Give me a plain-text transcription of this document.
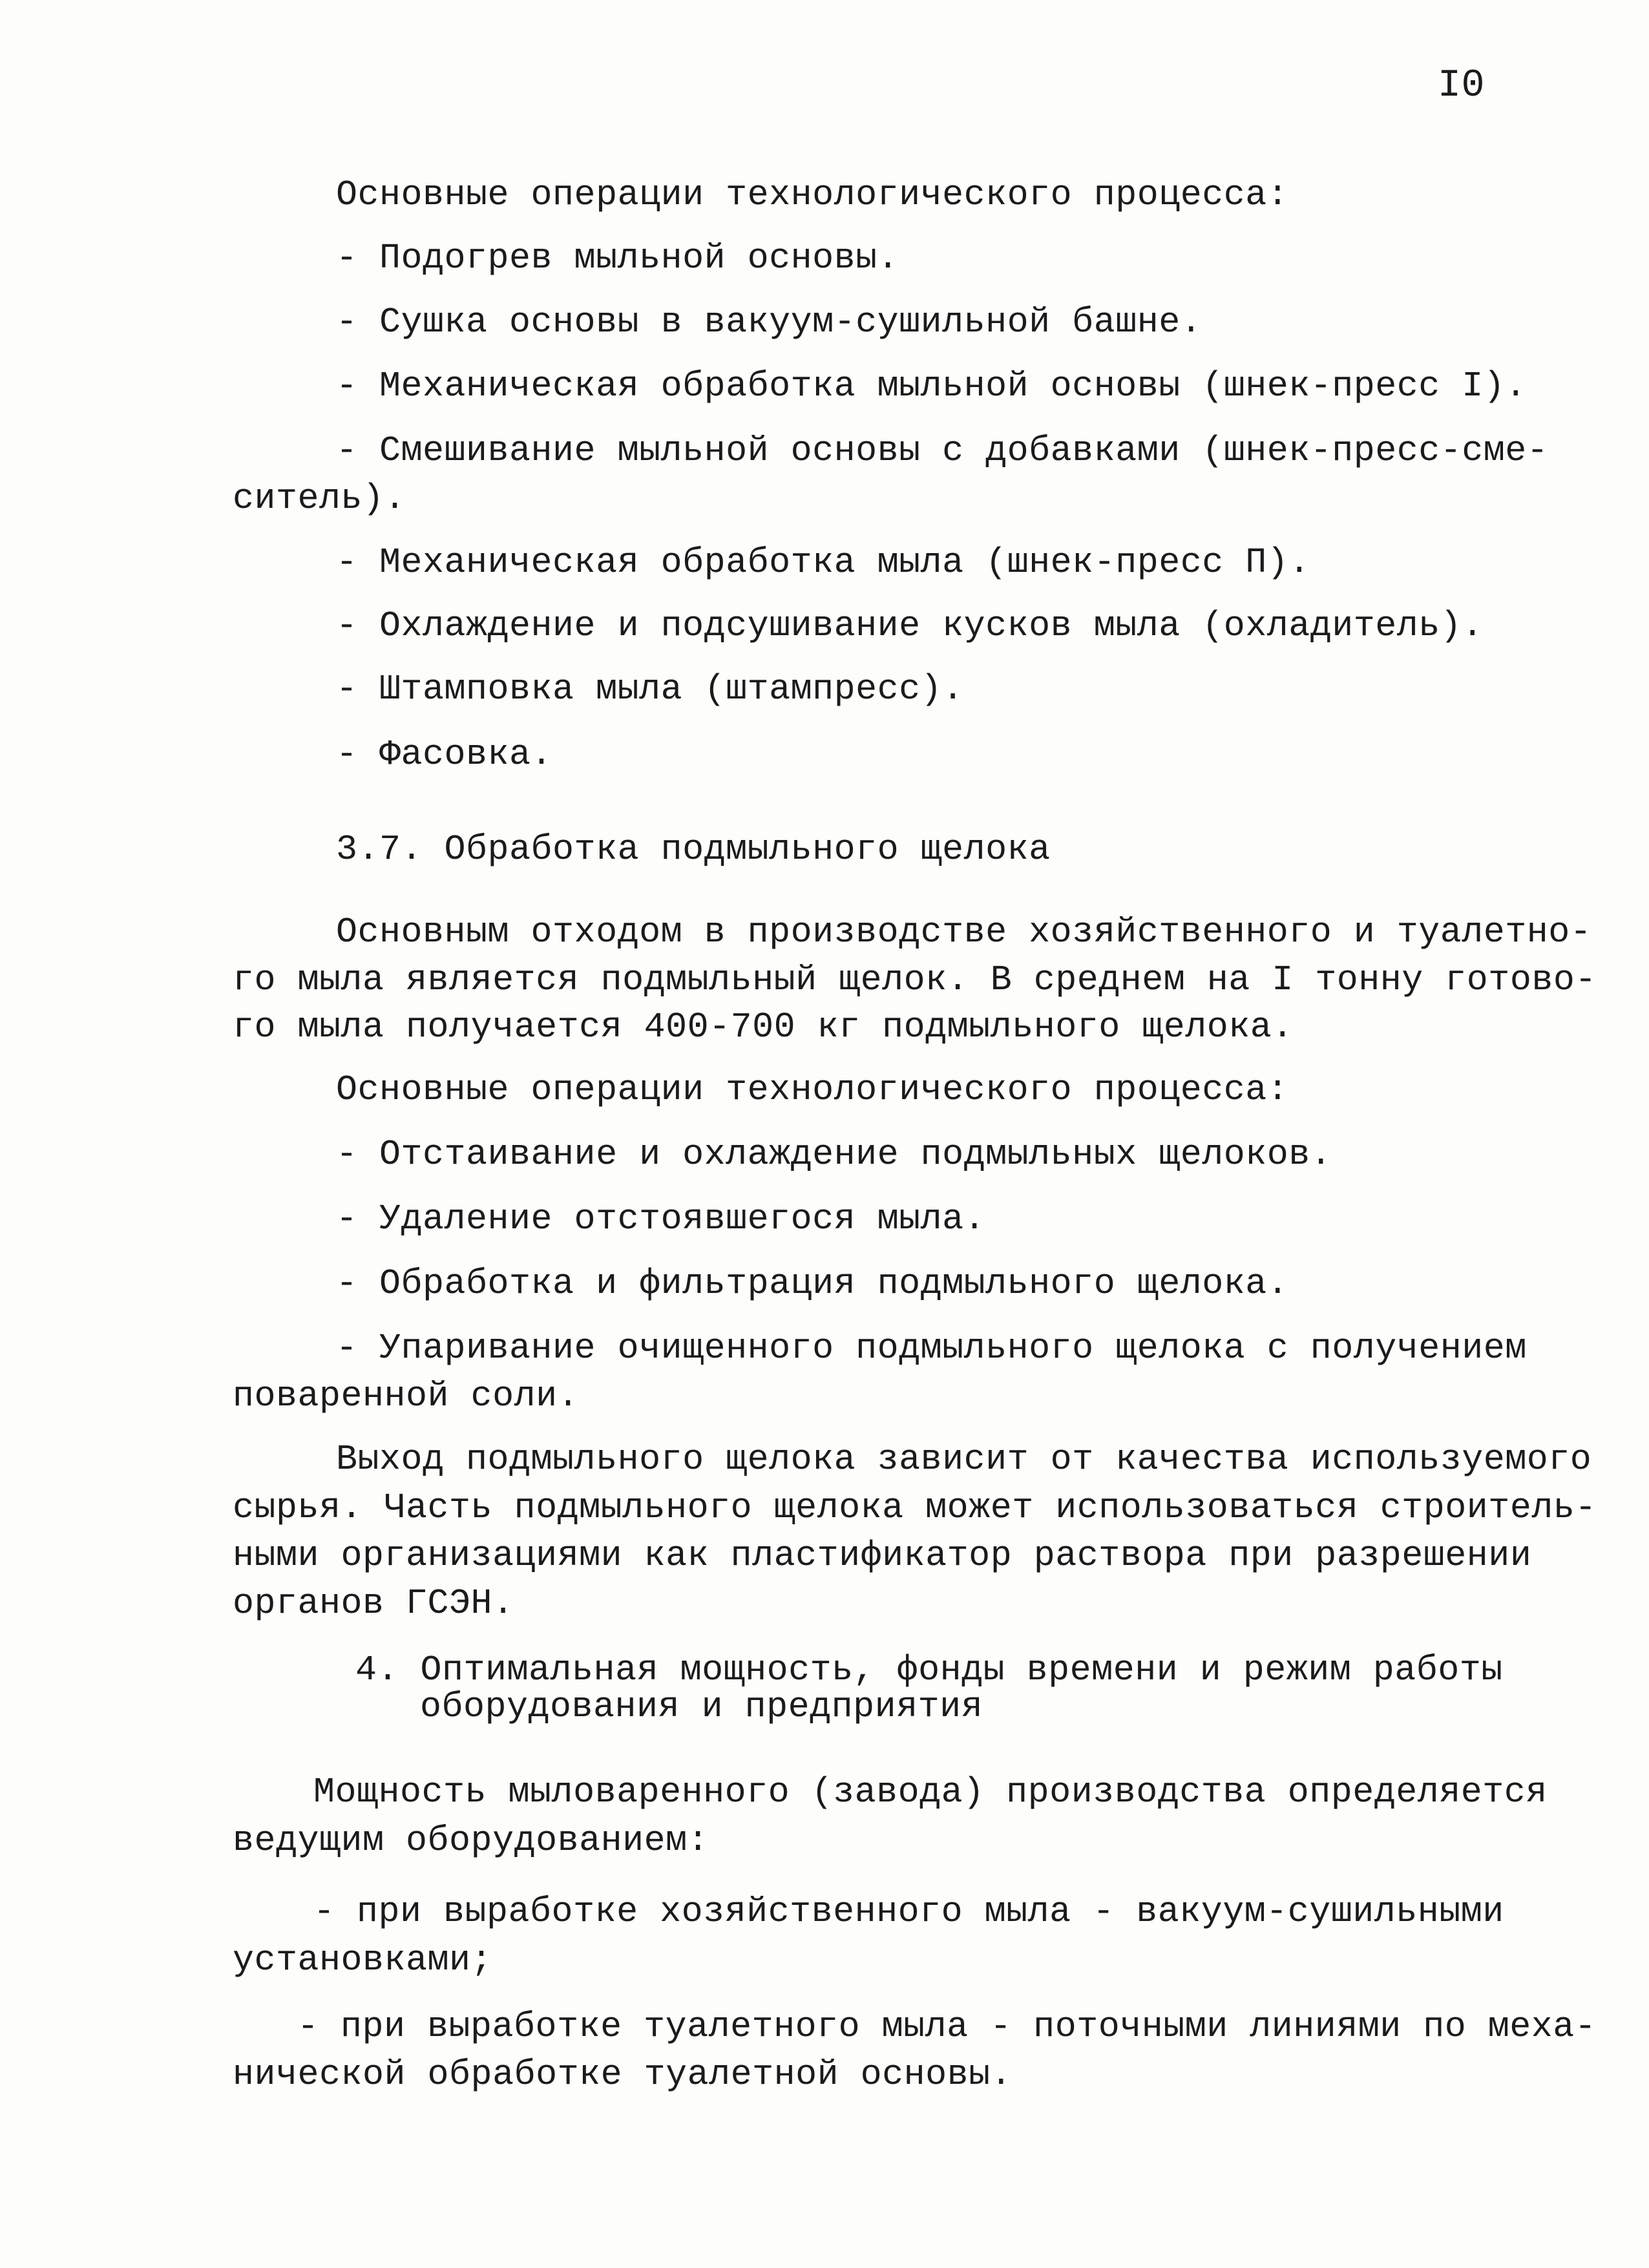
I0
Основные операции технологического процесса:
- Подогрев мыльной основы.
- Сушка основы в вакуум-сушильной башне.
- Механическая обработка мыльной основы (шнек-пресс I).
- Смешивание мыльной основы с добавками (шнек-пресс-сме-
ситель).
- Механическая обработка мыла (шнек-пресс П).
- Охлаждение и подсушивание кусков мыла (охладитель).
- Штамповка мыла (штампресс).
- Фасовка.
3.7. Обработка подмыльного щелока
Основным отходом в производстве хозяйственного и туалетно-
го мыла является подмыльный щелок. В среднем на I тонну готово-
го мыла получается 400-700 кг подмыльного щелока.
Основные операции технологического процесса:
- Отстаивание и охлаждение подмыльных щелоков.
- Удаление отстоявшегося мыла.
- Обработка и фильтрация подмыльного щелока.
- Упаривание очищенного подмыльного щелока с получением
поваренной соли.
Выход подмыльного щелока зависит от качества используемого
сырья. Часть подмыльного щелока может использоваться строитель-
ными организациями как пластификатор раствора при разрешении
органов ГСЭН.
4. Оптимальная мощность, фонды времени и режим работы
оборудования и предприятия
Мощность мыловаренного (завода) производства определяется
ведущим оборудованием:
- при выработке хозяйственного мыла - вакуум-сушильными
установками;
- при выработке туалетного мыла - поточными линиями по меха-
нической обработке туалетной основы.
